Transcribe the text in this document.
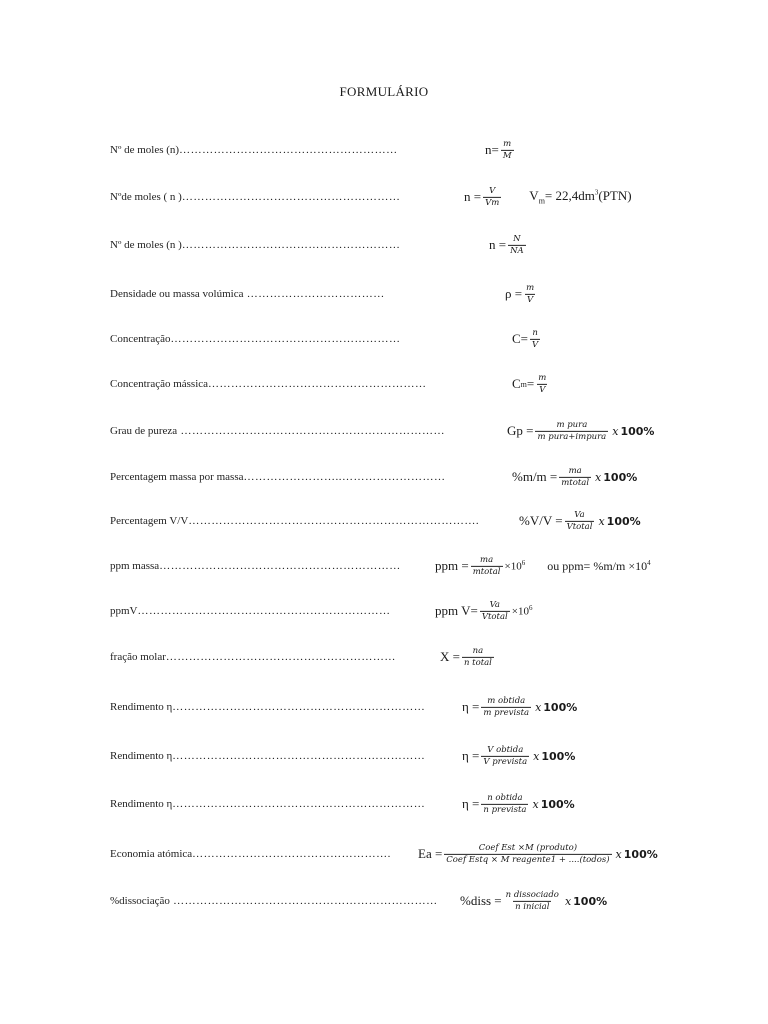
FORMULÁRIO
Nº de moles (n)…………………………………………………	$n= \frac{m}{M}$
Nºde moles ( n )…………………………………………………	$n = \frac{V}{Vm} V_m= 22,4dm^3(PTN)$
Nº de moles (n )…………………………………………………	$n = \frac{N}{NA}$
Densidade ou massa volúmica ………………………………	$\rho = \frac{m}{V}$
Concentração……………………………………………………	$C= \frac{n}{V}$
Concentração mássica…………………………………………………	C $m = \frac{m}{V}$
Grau de pureza ……………………………………………………………	$Gp = \frac{\text{m pura}}{\text{m pura+impura}}$ x 100%
Percentagem massa por massa……………………..………………………	$\%m/m = \frac{ma}{\text{mtotal}}$ x 100%
Percentagem V/V………………………………………………………………….	$\%V/V = \frac{Va}{\text{Vtotal}}$ x 100%
ppm massa………………………………………………………	ppm = $\frac{ma}{\text{mtotal}} \times 10^6$ ou $ppm= \%m/m \times 10^4$
ppmV…………………………………………………………	ppm $V= \frac{Va}{\text{Vtotal}} \times 10^6$
fração molar……………………………………………………	$X = \frac{na}{\text{n total}}$
Rendimento η…………………………………………………………	$\eta = \frac{\text{m obtida}}{\text{m prevista}}$ x 100%
Rendimento η…………………………………………………………	$\eta = \frac{\text{V obtida}}{\text{V prevista}}$ x 100%
Rendimento η…………………………………………………………	$\eta = \frac{\text{n obtida}}{\text{n prevista}}$ x 100%
Economia atómica……………………………………………. $Ea = \frac{\text{Coef Est ×M (produto)}}{\text{Coef Estq × M reagente1 + ....(todos)}}$ x 100%
%dissociação …………………………………………………………… %diss = $\frac{\text{n dissociado}}{\text{n inicial}}$ x 100%
